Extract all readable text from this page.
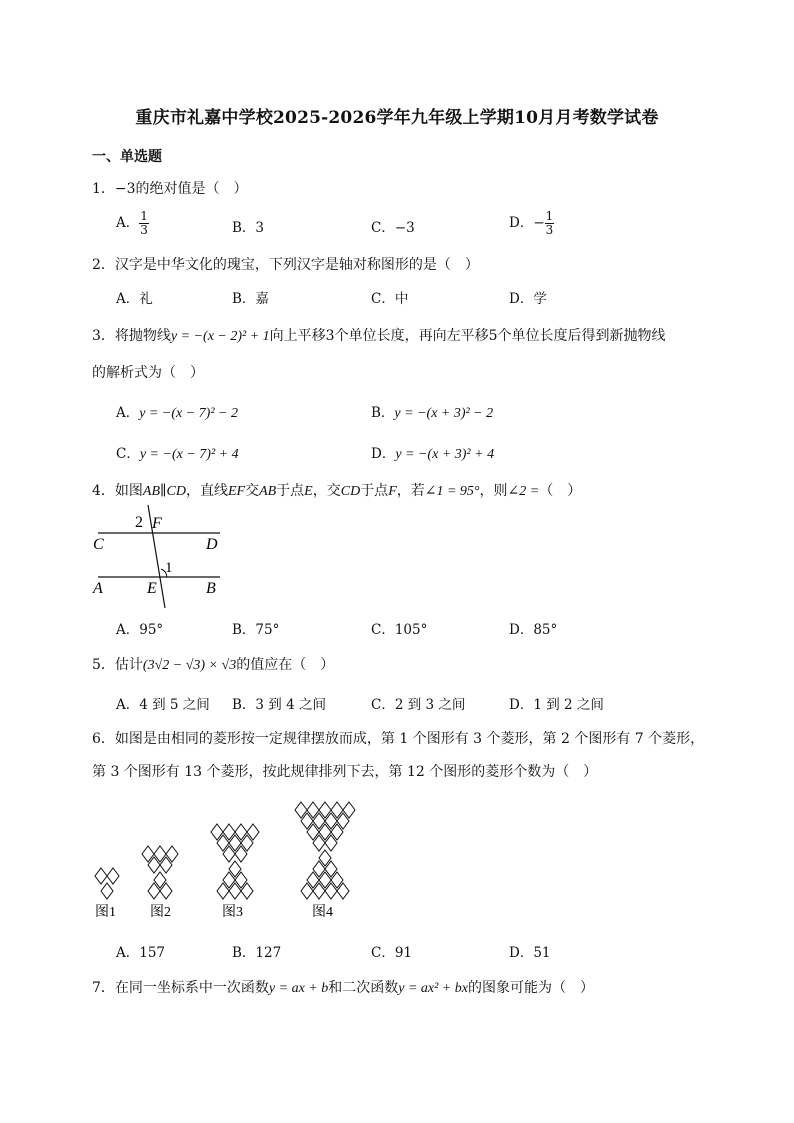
重庆市礼嘉中学校2025-2026学年九年级上学期10月月考数学试卷
一、单选题
1．−3的绝对值是（　）
A． $\frac{1}{3}$	B．3	C．−3	D．− $\frac{1}{3}$
2．汉字是中华文化的瑰宝，下列汉字是轴对称图形的是（　）
A．礼	B．嘉	C．中	D．学
3．将抛物线y = −(x − 2)² + 1向上平移3个单位长度，再向左平移5个单位长度后得到新抛物线
的解析式为（　）
A．y = −(x − 7)² − 2	B．y = −(x + 3)² − 2
C．y = −(x − 7)² + 4	D．y = −(x + 3)² + 4
4．如图AB∥CD，直线EF交AB于点E，交CD于点F，若∠1 = 95°，则∠2 =（　）
2 F
C	D
1
A	E	B
A．95°	B．75°	C．105°	D．85°
5．估计(3√2 − √3) × √3的值应在（　）
A．4 到 5 之间 B．3 到 4 之间	C．2 到 3 之间	D．1 到 2 之间
6．如图是由相同的菱形按一定规律摆放而成，第 1 个图形有 3 个菱形，第 2 个图形有 7 个菱形，
第 3 个图形有 13 个菱形，按此规律排列下去，第 12 个图形的菱形个数为（　）
图1 图2	图3	图4
A．157	B．127	C．91	D．51
7．在同一坐标系中一次函数y = ax + b和二次函数y = ax² + bx的图象可能为（　）
